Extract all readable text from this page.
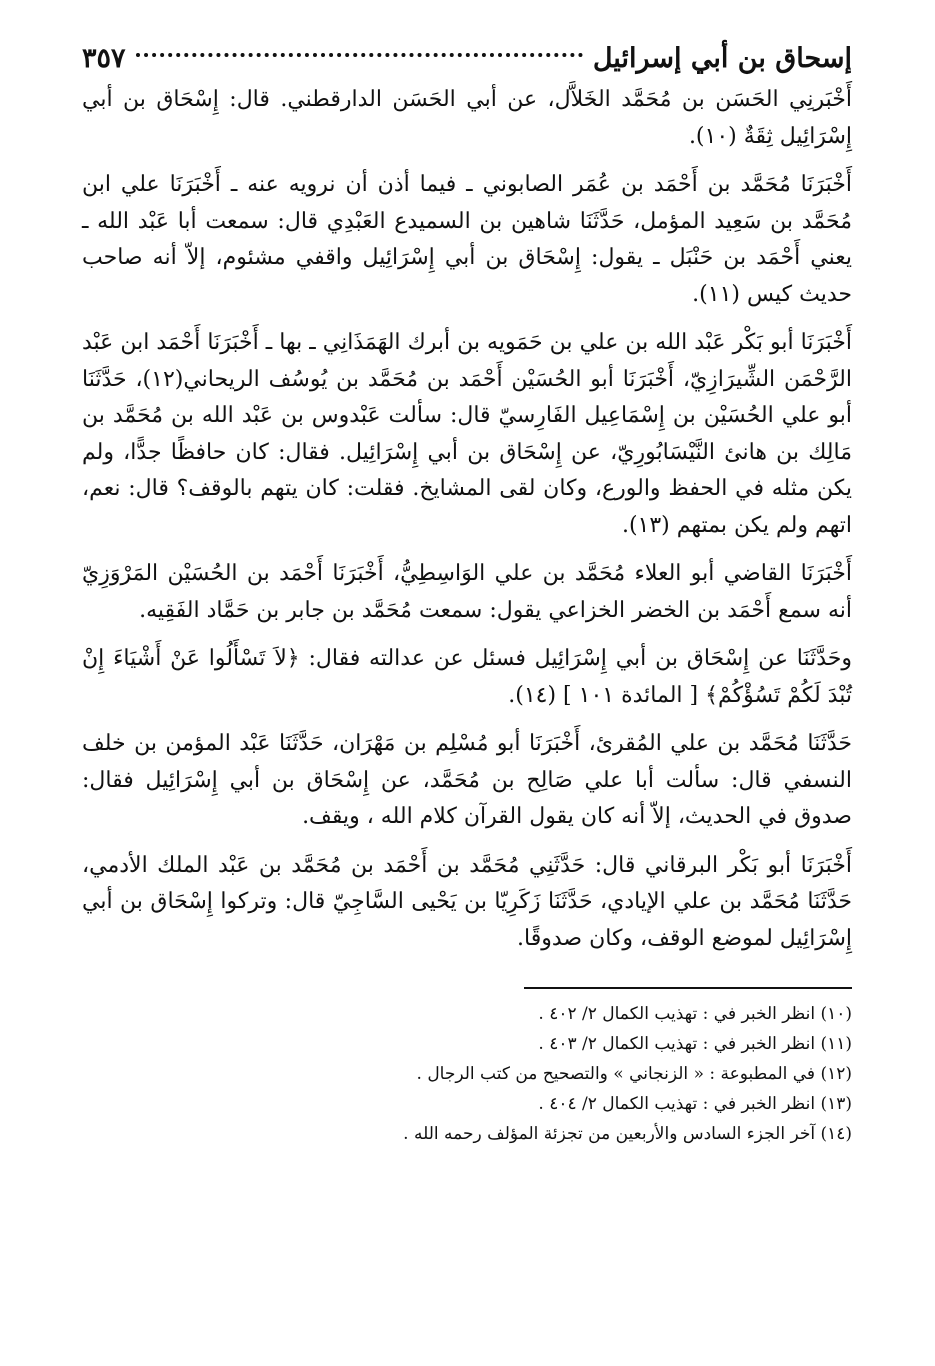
إسحاق بن أبي إسرائيل
٣٥٧

أَخْبَرنِي الحَسَن بن مُحَمَّد الخَلاَّل، عن أبي الحَسَن الدارقطني. قال: إِسْحَاق بن أبي إِسْرَائِيل ثِقَةٌ (١٠).

أَخْبَرَنَا مُحَمَّد بن أَحْمَد بن عُمَر الصابوني ـ فيما أذن أن نرويه عنه ـ أَخْبَرَنَا علي ابن مُحَمَّد بن سَعِيد المؤمل، حَدَّثَنَا شاهين بن السميدع العَبْدِي قال: سمعت أبا عَبْد الله ـ يعني أَحْمَد بن حَنْبَل ـ يقول: إِسْحَاق بن أبي إِسْرَائِيل واقفي مشئوم، إلاّ أنه صاحب حديث كيس (١١).

أَخْبَرَنَا أبو بَكْر عَبْد الله بن علي بن حَمَويه بن أبرك الهَمَذَانِي ـ بها ـ أَخْبَرَنَا أَحْمَد ابن عَبْد الرَّحْمَن الشِّيرَازِيّ، أَخْبَرَنَا أبو الحُسَيْن أَحْمَد بن مُحَمَّد بن يُوسُف الريحاني(١٢)، حَدَّثَنَا أبو علي الحُسَيْن بن إِسْمَاعِيل الفَارِسيّ قال: سألت عَبْدوس بن عَبْد الله بن مُحَمَّد بن مَالِك بن هانئ النَّيْسَابُورِيّ، عن إِسْحَاق بن أبي إِسْرَائِيل. فقال: كان حافظًا جدًّا، ولم يكن مثله في الحفظ والورع، وكان لقى المشايخ. فقلت: كان يتهم بالوقف؟ قال: نعم، اتهم ولم يكن بمتهم (١٣).

أَخْبَرَنَا القاضي أبو العلاء مُحَمَّد بن علي الوَاسِطِيُّ، أَخْبَرَنَا أَحْمَد بن الحُسَيْن المَرْوَزِيّ أنه سمع أَحْمَد بن الخضر الخزاعي يقول: سمعت مُحَمَّد بن جابر بن حَمَّاد الفَقِيه.

وحَدَّثَنَا عن إِسْحَاق بن أبي إِسْرَائِيل فسئل عن عدالته فقال: ﴿لاَ تَسْأَلُوا عَنْ أَشْيَاءَ إِنْ تُبْدَ لَكُمْ تَسُؤْكُمْ﴾ [ المائدة ١٠١ ] (١٤).

حَدَّثَنَا مُحَمَّد بن علي المُقرئ، أَخْبَرَنَا أبو مُسْلِم بن مَهْرَان، حَدَّثَنَا عَبْد المؤمن بن خلف النسفي قال: سألت أبا علي صَالِح بن مُحَمَّد، عن إِسْحَاق بن أبي إِسْرَائِيل فقال: صدوق في الحديث، إلاّ أنه كان يقول القرآن كلام الله ، ويقف.

أَخْبَرَنَا أبو بَكْر البرقاني قال: حَدَّثَنِي مُحَمَّد بن أَحْمَد بن مُحَمَّد بن عَبْد الملك الأدمي، حَدَّثَنَا مُحَمَّد بن علي الإيادي، حَدَّثَنَا زَكَرِيّا بن يَحْيى السَّاجِيّ قال: وتركوا إِسْحَاق بن أبي إِسْرَائِيل لموضع الوقف، وكان صدوقًا.

(١٠) انظر الخبر في : تهذيب الكمال ٢/ ٤٠٢ .
(١١) انظر الخبر في : تهذيب الكمال ٢/ ٤٠٣ .
(١٢) في المطبوعة : « الزنجاني » والتصحيح من كتب الرجال .
(١٣) انظر الخبر في : تهذيب الكمال ٢/ ٤٠٤ .
(١٤) آخر الجزء السادس والأربعين من تجزئة المؤلف رحمه الله .
